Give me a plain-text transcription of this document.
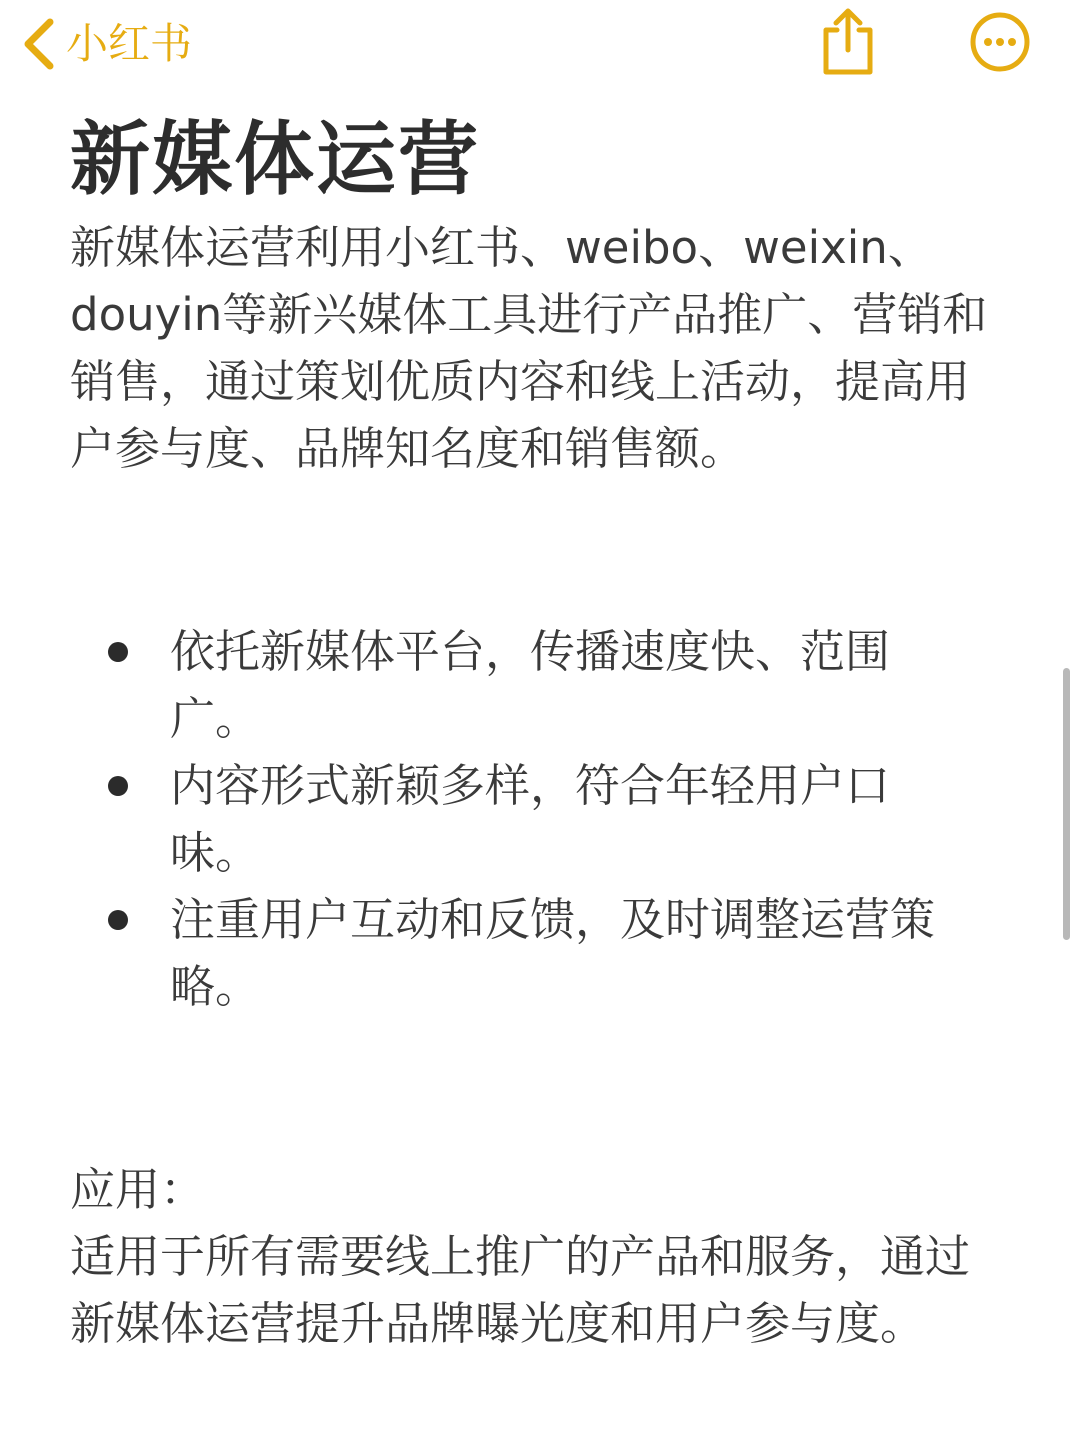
小红书
新媒体运营

新媒体运营利用小红书、weibo、weixin、douyin等新兴媒体工具进行产品推广、营销和销售，通过策划优质内容和线上活动，提高用户参与度、品牌知名度和销售额。

依托新媒体平台，传播速度快、范围广。
内容形式新颖多样，符合年轻用户口味。
注重用户互动和反馈，及时调整运营策略。

应用：

适用于所有需要线上推广的产品和服务，通过新媒体运营提升品牌曝光度和用户参与度。
